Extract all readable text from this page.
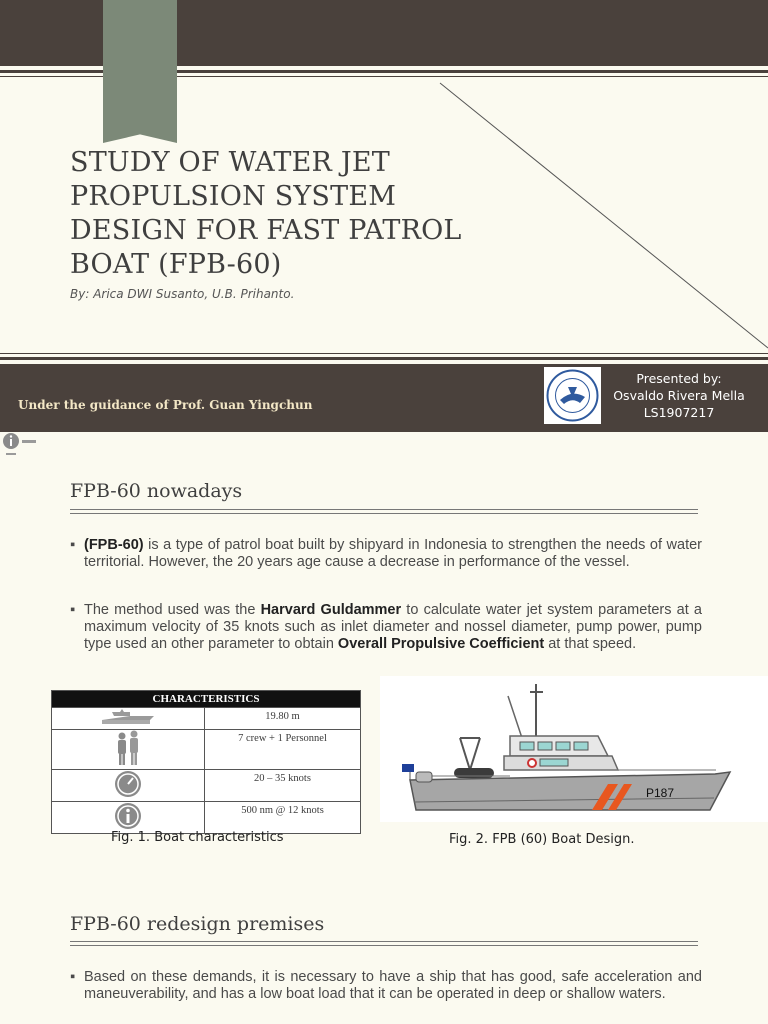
STUDY OF WATER JET PROPULSION SYSTEM DESIGN FOR FAST PATROL BOAT (FPB-60)
By: Arica DWI Susanto, U.B. Prihanto.
Under the guidance of Prof. Guan Yingchun
Presented by:
Osvaldo Rivera Mella
LS1907217
FPB-60 nowadays
▪ (FPB-60) is a type of patrol boat built by shipyard in Indonesia to strengthen the needs of water territorial. However, the 20 years age cause a decrease in performance of the vessel.
▪ The method used was the Harvard Guldammer to calculate water jet system parameters at a maximum velocity of 35 knots such as inlet diameter and nossel diameter, pump power, pump type used an other parameter to obtain Overall Propulsive Coefficient at that speed.
CHARACTERISTICS	
	19.80 m
	7 crew + 1 Personnel
	20 – 35 knots
	500 nm @ 12 knots
P187
Fig. 1. Boat characteristics	Fig. 2. FPB (60) Boat Design.
FPB-60 redesign premises
▪ Based on these demands, it is necessary to have a ship that has good, safe acceleration and maneuverability, and has a low boat load that it can be operated in deep or shallow waters.
